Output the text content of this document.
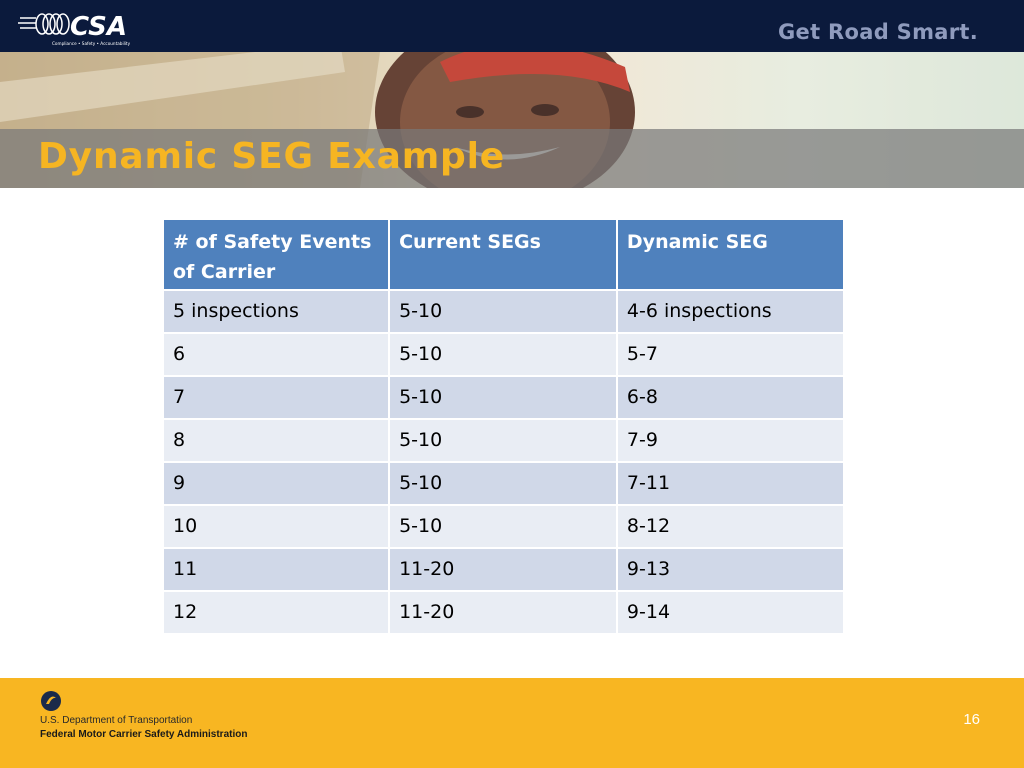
CSA
Compliance • Safety • Accountability	Get Road Smart.
Dynamic SEG Example
# of Safety Events of Carrier	Current SEGs	Dynamic SEG
5 inspections	5-10	4-6 inspections
6	5-10	5-7
7	5-10	6-8
8	5-10	7-9
9	5-10	7-11
10	5-10	8-12
11	11-20	9-13
12	11-20	9-14
U.S. Department of Transportation
Federal Motor Carrier Safety Administration
16
